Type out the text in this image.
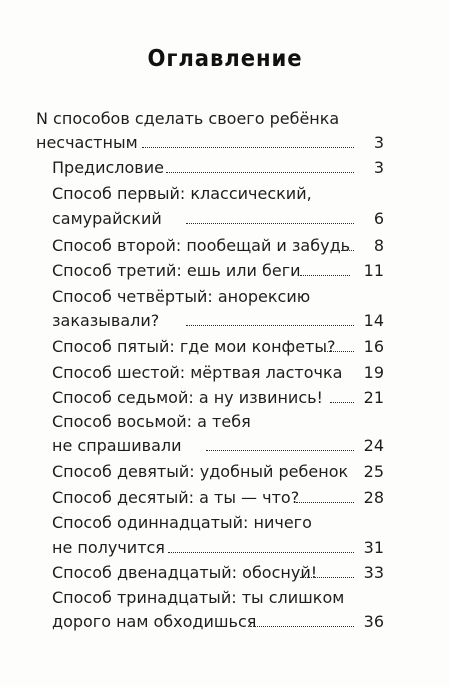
Оглавление
N способов сделать своего ребёнка
несчастным	3
Предисловие	3
Способ первый: классический,
самурайский	6
Способ второй: пообещай и забудь	8
Способ третий: ешь или беги	11
Способ четвёртый: анорексию
заказывали?	14
Способ пятый: где мои конфеты?	16
Способ шестой: мёртвая ласточка	19
Способ седьмой: а ну извинись!	21
Способ восьмой: а тебя
не спрашивали	24
Способ девятый: удобный ребенок 25
Способ десятый: а ты — что?	28
Способ одиннадцатый: ничего
не получится	31
Способ двенадцатый: обоснуй!	33
Способ тринадцатый: ты слишком
дорого нам обходишься	36
